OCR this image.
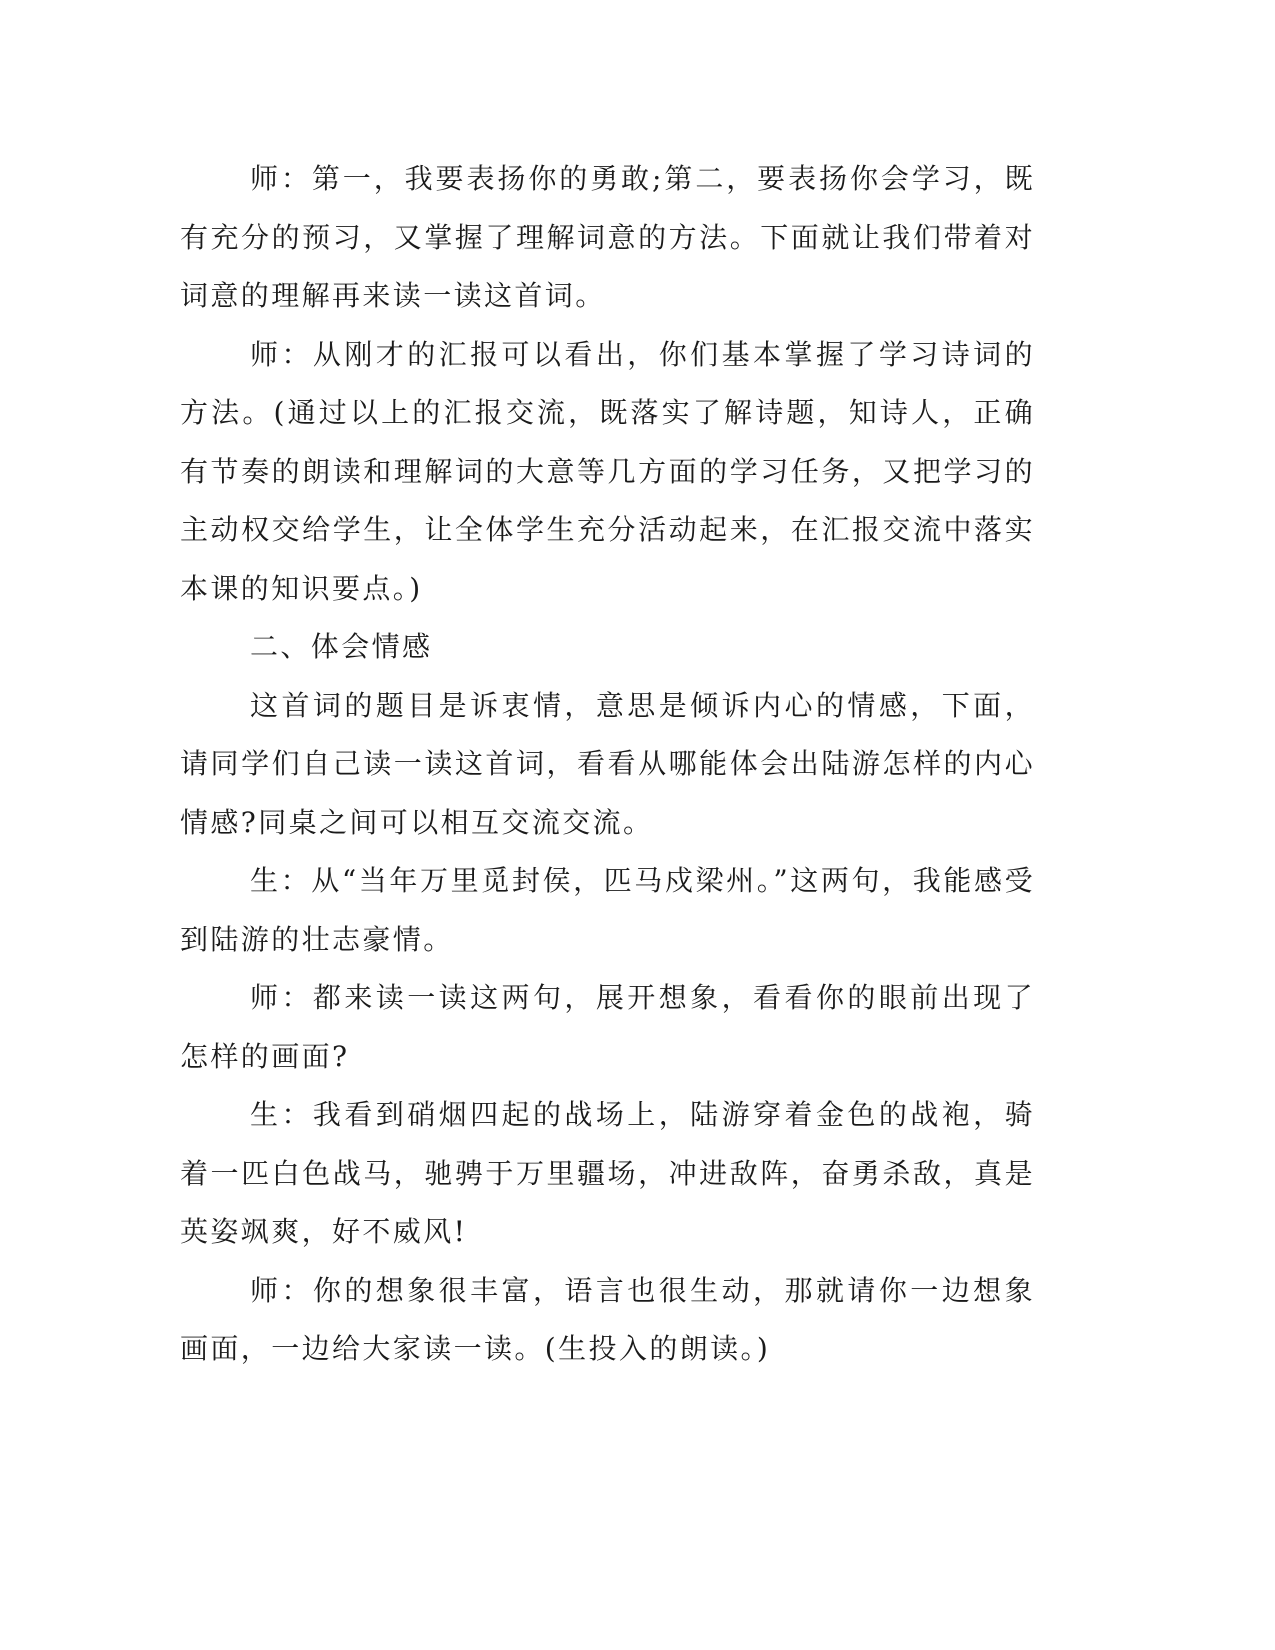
师：第一，我要表扬你的勇敢;第二，要表扬你会学习，既有充分的预习，又掌握了理解词意的方法。下面就让我们带着对词意的理解再来读一读这首词。

师：从刚才的汇报可以看出，你们基本掌握了学习诗词的方法。(通过以上的汇报交流，既落实了解诗题，知诗人，正确有节奏的朗读和理解词的大意等几方面的学习任务，又把学习的主动权交给学生，让全体学生充分活动起来，在汇报交流中落实本课的知识要点。)

二、体会情感

这首词的题目是诉衷情，意思是倾诉内心的情感，下面，请同学们自己读一读这首词，看看从哪能体会出陆游怎样的内心情感?同桌之间可以相互交流交流。

生：从“当年万里觅封侯，匹马戍梁州。”这两句，我能感受到陆游的壮志豪情。

师：都来读一读这两句，展开想象，看看你的眼前出现了怎样的画面?

生：我看到硝烟四起的战场上，陆游穿着金色的战袍，骑着一匹白色战马，驰骋于万里疆场，冲进敌阵，奋勇杀敌，真是英姿飒爽，好不威风!

师：你的想象很丰富，语言也很生动，那就请你一边想象画面，一边给大家读一读。(生投入的朗读。)
